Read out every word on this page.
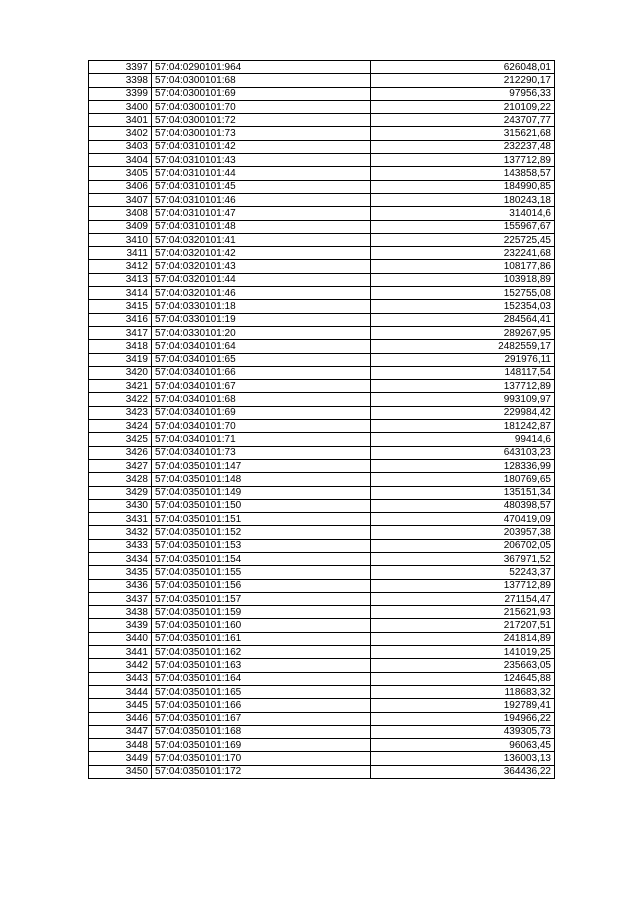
3397	57:04:0290101:964	626048,01
3398	57:04:0300101:68	212290,17
3399	57:04:0300101:69	97956,33
3400	57:04:0300101:70	210109,22
3401	57:04:0300101:72	243707,77
3402	57:04:0300101:73	315621,68
3403	57:04:0310101:42	232237,48
3404	57:04:0310101:43	137712,89
3405	57:04:0310101:44	143858,57
3406	57:04:0310101:45	184990,85
3407	57:04:0310101:46	180243,18
3408	57:04:0310101:47	314014,6
3409	57:04:0310101:48	155967,67
3410	57:04:0320101:41	225725,45
3411	57:04:0320101:42	232241,68
3412	57:04:0320101:43	108177,86
3413	57:04:0320101:44	103918,89
3414	57:04:0320101:46	152755,08
3415	57:04:0330101:18	152354,03
3416	57:04:0330101:19	284564,41
3417	57:04:0330101:20	289267,95
3418	57:04:0340101:64	2482559,17
3419	57:04:0340101:65	291976,11
3420	57:04:0340101:66	148117,54
3421	57:04:0340101:67	137712,89
3422	57:04:0340101:68	993109,97
3423	57:04:0340101:69	229984,42
3424	57:04:0340101:70	181242,87
3425	57:04:0340101:71	99414,6
3426	57:04:0340101:73	643103,23
3427	57:04:0350101:147	128336,99
3428	57:04:0350101:148	180769,65
3429	57:04:0350101:149	135151,34
3430	57:04:0350101:150	480398,57
3431	57:04:0350101:151	470419,09
3432	57:04:0350101:152	203957,38
3433	57:04:0350101:153	206702,05
3434	57:04:0350101:154	367971,52
3435	57:04:0350101:155	52243,37
3436	57:04:0350101:156	137712,89
3437	57:04:0350101:157	271154,47
3438	57:04:0350101:159	215621,93
3439	57:04:0350101:160	217207,51
3440	57:04:0350101:161	241814,89
3441	57:04:0350101:162	141019,25
3442	57:04:0350101:163	235663,05
3443	57:04:0350101:164	124645,88
3444	57:04:0350101:165	118683,32
3445	57:04:0350101:166	192789,41
3446	57:04:0350101:167	194966,22
3447	57:04:0350101:168	439305,73
3448	57:04:0350101:169	96063,45
3449	57:04:0350101:170	136003,13
3450	57:04:0350101:172	364436,22
